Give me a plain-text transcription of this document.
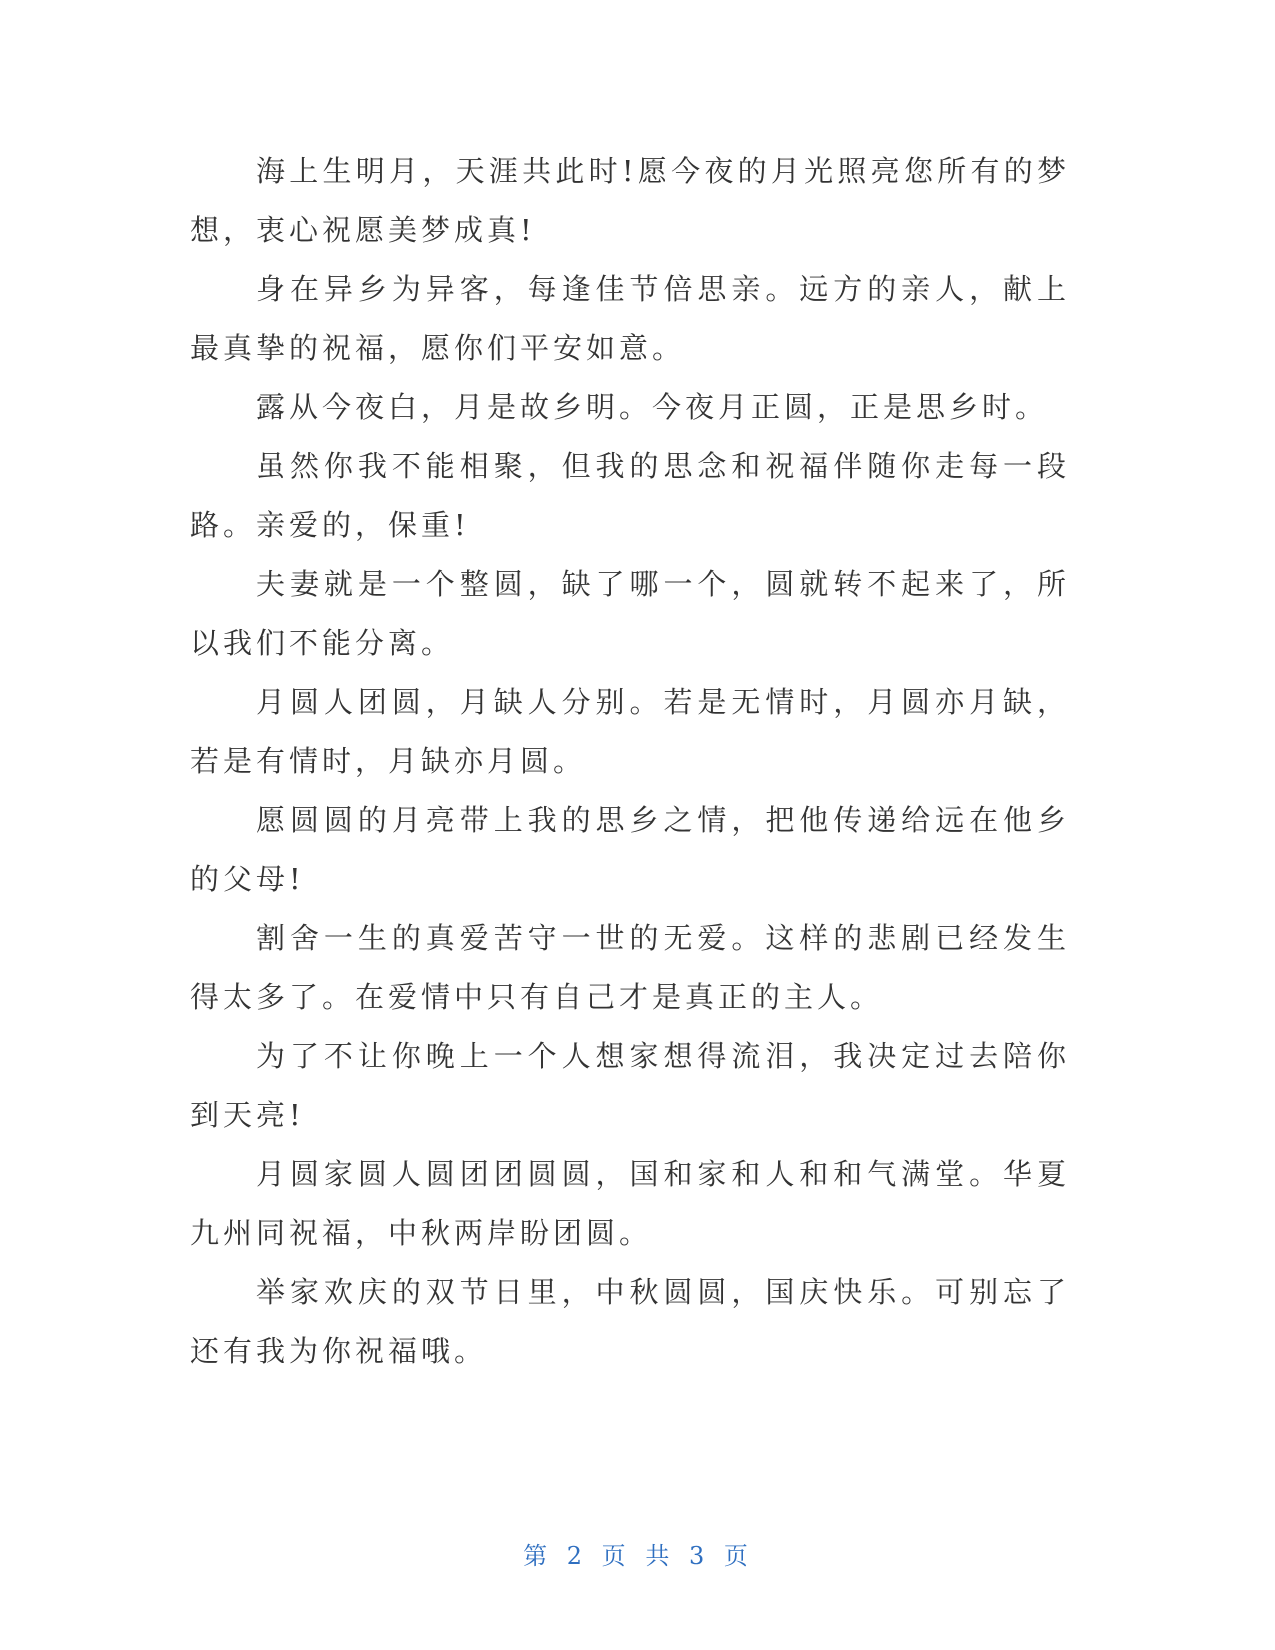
海上生明月，天涯共此时!愿今夜的月光照亮您所有的梦想，衷心祝愿美梦成真!

身在异乡为异客，每逢佳节倍思亲。远方的亲人，献上最真挚的祝福，愿你们平安如意。

露从今夜白，月是故乡明。今夜月正圆，正是思乡时。

虽然你我不能相聚，但我的思念和祝福伴随你走每一段路。亲爱的，保重!

夫妻就是一个整圆，缺了哪一个，圆就转不起来了，所以我们不能分离。

月圆人团圆，月缺人分别。若是无情时，月圆亦月缺，若是有情时，月缺亦月圆。

愿圆圆的月亮带上我的思乡之情，把他传递给远在他乡的父母!

割舍一生的真爱苦守一世的无爱。这样的悲剧已经发生得太多了。在爱情中只有自己才是真正的主人。

为了不让你晚上一个人想家想得流泪，我决定过去陪你到天亮!

月圆家圆人圆团团圆圆，国和家和人和和气满堂。华夏九州同祝福，中秋两岸盼团圆。

举家欢庆的双节日里，中秋圆圆，国庆快乐。可别忘了还有我为你祝福哦。

第 2 页 共 3 页
